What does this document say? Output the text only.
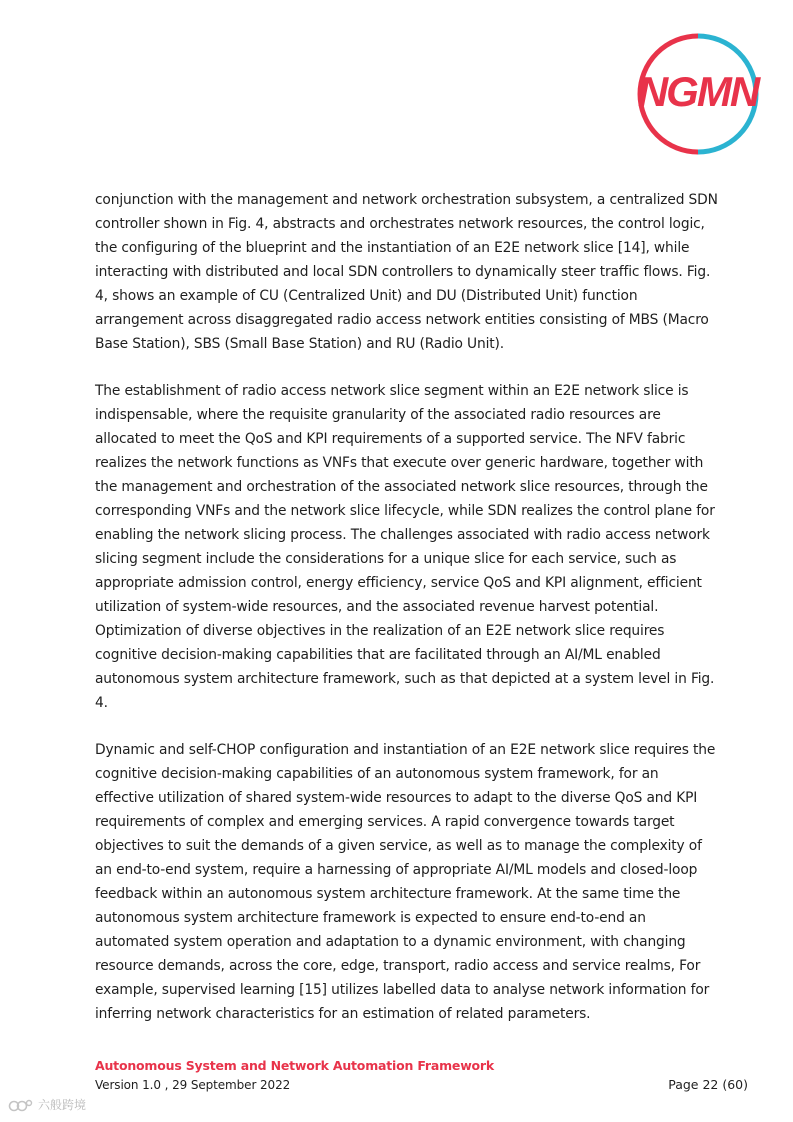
NGMN

conjunction with the management and network orchestration subsystem, a centralized SDN controller shown in Fig. 4, abstracts and orchestrates network resources, the control logic, the configuring of the blueprint and the instantiation of an E2E network slice [14], while interacting with distributed and local SDN controllers to dynamically steer traffic flows. Fig. 4, shows an example of CU (Centralized Unit) and DU (Distributed Unit) function arrangement across disaggregated radio access network entities consisting of MBS (Macro Base Station), SBS (Small Base Station) and RU (Radio Unit).

The establishment of radio access network slice segment within an E2E network slice is indispensable, where the requisite granularity of the associated radio resources are allocated to meet the QoS and KPI requirements of a supported service. The NFV fabric realizes the network functions as VNFs that execute over generic hardware, together with the management and orchestration of the associated network slice resources, through the corresponding VNFs and the network slice lifecycle, while SDN realizes the control plane for enabling the network slicing process. The challenges associated with radio access network slicing segment include the considerations for a unique slice for each service, such as appropriate admission control, energy efficiency, service QoS and KPI alignment, efficient utilization of system-wide resources, and the associated revenue harvest potential. Optimization of diverse objectives in the realization of an E2E network slice requires cognitive decision-making capabilities that are facilitated through an AI/ML enabled autonomous system architecture framework, such as that depicted at a system level in Fig. 4.

Dynamic and self-CHOP configuration and instantiation of an E2E network slice requires the cognitive decision-making capabilities of an autonomous system framework, for an effective utilization of shared system-wide resources to adapt to the diverse QoS and KPI requirements of complex and emerging services. A rapid convergence towards target objectives to suit the demands of a given service, as well as to manage the complexity of an end-to-end system, require a harnessing of appropriate AI/ML models and closed-loop feedback within an autonomous system architecture framework. At the same time the autonomous system architecture framework is expected to ensure end-to-end an automated system operation and adaptation to a dynamic environment, with changing resource demands, across the core, edge, transport, radio access and service realms, For example, supervised learning [15] utilizes labelled data to analyse network information for inferring network characteristics for an estimation of related parameters.

Autonomous System and Network Automation Framework
Version 1.0 , 29 September 2022	Page 22 (60)
六般跨境
